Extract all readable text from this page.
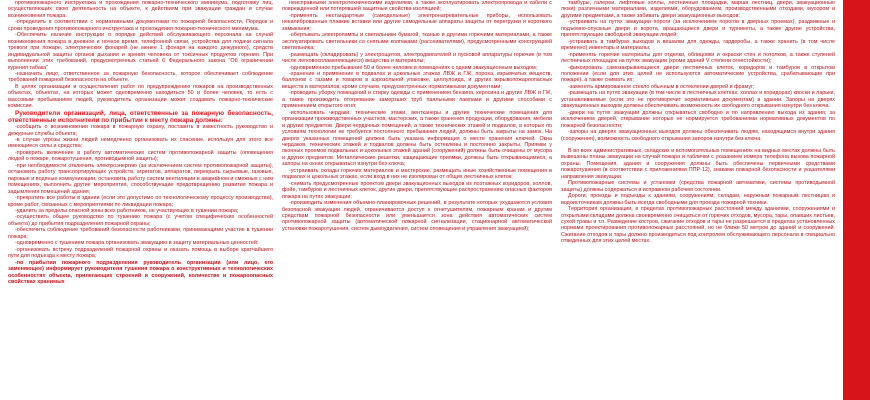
противопожарного инструктажа и прохождения пожарно-технического минимума, подготовку лиц, осуществляющих свою деятельность на объекте, к действиям при эвакуации граждан в случае возникновения пожара.

-определить в соответствии с нормативными документами по пожарной безопасности, Порядок и сроки проведения противопожарного инструктажа и прохождения пожарно-технического минимума.

-Обеспечить наличие инструкции о порядке действий обслуживающего персонала на случай возникновения пожара в дневное и ночное время, телефонной связи, устройства для подачи сигнала тревоги при пожаре, электрических фонарей (не менее 1 фонаря на каждого дежурного), средств индивидуальной защиты органов дыхания и зрения человека от токсичных продуктов горения. При выполнении этих требований, предусмотренных статьей 6 Федерального закона "Об ограничении курения табака"

-назначить лицо, ответственное за пожарную безопасность, которое обеспечивает соблюдение требований пожарной безопасности на объекте.

В целях организации и осуществления работ по предупреждению пожаров на производственных объектах, объектах, на которых может одновременно находиться 50 и более человек, то есть с массовым пребыванием людей, руководитель организации может создавать пожарно-технические комиссии.

Руководители организаций, лица, ответственные за пожарную безопасность, ответственные исполнители по прибытии к месту пожара должны:

-сообщить о возникновении пожара в пожарную охрану, поставить в известность руководство и дежурные службы объекта;

-в случае угрозы жизни людей немедленно организовать их спасение, используя для этого все имеющиеся силы и средства;

-проверить включение в работу автоматических систем противопожарной защиты (оповещения людей о пожаре, пожаротушения, противодымной защиты);

-при необходимости отключить электроэнергию (за исключением систем противопожарной защиты), остановить работу транспортирующих устройств, агрегатов, аппаратов, перекрыть сырьевые, газовые, паровые и водяные коммуникации, остановить работу систем вентиляции в аварийном и смежных с ним помещениях, выполнить другие мероприятия, способствующие предотвращению развития пожара и задымления помещений здания;

-прекратить все работы в здании (если это допустимо по технологическому процессу производства), кроме работ, связанных с мероприятиями по ликвидации пожара;

-удалить за пределы опасной зоны всех работников, не участвующих в тушении пожара;

-осуществить общее руководство по тушению пожара (с учетом специфических особенностей объекта) до прибытия подразделения пожарной охраны;

-обеспечить соблюдение требований безопасности работниками, принимающими участие в тушении пожара;

-одновременно с тушением пожара организовать эвакуацию и защиту материальных ценностей;

-организовать встречу подразделений пожарной охраны и оказать помощь в выборе кратчайшего пути для подъезда к месту пожара;

-по прибытии пожарного подразделения руководитель организации (или лицо, его заменяющее) информирует руководителя тушения пожара о конструктивных и технологических особенностях объекта, прилегающих строений и сооружений, количестве и пожароопасных свойствах хранимых

неисправными электротехническими изделиями, а также эксплуатировать электропровода и кабели с поврежденной или потерявшей защитные свойства изоляцией;

-применять нестандартные (самодельные) электронагревательные приборы, использовать некалиброванные плавкие вставки или другие самодельные аппараты защиты от перегрузки и короткого замыкания;

-обертывать электролампы и светильники бумагой, тканью и другими горючими материалами, а также эксплуатировать светильники со снятыми колпаками (рассеивателями), предусмотренными конструкцией светильника;

-размещать (складировать) у электрощитов, электродвигателей и пусковой аппаратуры горючие (в том числе легковоспламеняющиеся) вещества и материалы;

-одновременное пребывание 50 и более человек в помещениях с одним эвакуационным выходом;

-хранение и применение в подвалах и цокольных этажах ЛВЖ и ГЖ, пороха, взрывчатых веществ, баллонов с газами и товаров в аэрозольной упаковке, целлулоида, и других взрывопожароопасных веществ и материалов, кроме случаев, предусмотренных нормативными документами;

-проводить уборку помещений и стирку одежды с применением бензина, керосина и других ЛВЖ и ГЖ, а также производить отогревание замерзших труб паяльными лампами и другими способами с применением открытого огня;

-использовать чердаки, технические этажи, вентканеры и другие технические помещения для организации производственных участков, мастерских, а также хранения продукции, оборудования, мебели и других предметов. Двери чердачных помещений, а также технических этажей и подвалов, в которых по условиям технологии не требуется постоянного пребывания людей, должны быть закрыты на замок. На дверях указанных помещений должна быть указана информация о месте хранения ключей. Окна чердаков, технических этажей и подвалов должны быть остеклены и постоянно закрыты. Приямки у оконных проемов подвальных и цокольных этажей зданий (сооружений) должны быть очищены от мусора и других предметов. Металлические решетки, защищающие приямки, должны быть открывающимися, а запоры на окнах открываться изнутри без ключа;

-устраивать склады горючих материалов и мастерские, размещать иные хозяйственные помещения в подвалах и цокольных этажах, если вход в них не изолирован от общих лестничных клеток;

-снимать предусмотренные проектом двери эвакуационных выходов из поэтажных коридоров, холлов, фойе, тамбуров и лестничных клеток, другие двери, препятствующие распространению опасных факторов пожара на путях эвакуации;

-производить изменения объемно-планировочных решений, в результате которых ухудшаются условия безопасной эвакуации людей, ограничивается доступ к огнетушителям, пожарным кранам и другим средствам пожарной безопасности или уменьшается зона действия автоматических систем противопожарной защиты (автоматической пожарной сигнализации, стационарной автоматической установки пожаротушения, систем дымоудаления, систем оповещения и управления эвакуацией);

тамбуры, галереи, лифтовые холлы, лестничные площадки, марши лестниц, двери, эвакуационные люки) различными материалами, изделиями, оборудованием, производственными отходами, мусором и другими предметами, а также забивать двери эвакуационных выходов;

-устраивать на путях эвакуации пороги (за исключением порогов в дверных проемах), раздвижные и подъемно-опускные двери и ворота, вращающиеся двери и турникеты, а также другие устройства, препятствующие свободной эвакуации людей;

-устраивать в тамбурах выходов и вешалки для одежды, гардеробы, а также хранить (в том числе временно) инвентарь и материалы;

-применять горючие материалы для отделки, облицовки и окраски стен и потолков, а также ступеней лестничных площадок на путях эвакуации (кроме зданий V степени огнестойкости);

-фиксировать самозакрывающиеся двери лестничных клеток, коридоров и тамбуров в открытом положении (если для этих целей не используются автоматические устройства, срабатывающие при пожаре), а также снимать их;

-заменять армированное стекло обычным в остеклении дверей и фрамуг;

-размещать на путях эвакуации (в том числе в лестничных клетках, холлах и коридорах) киоски и ларьки, устанавливаемые (если это не противоречит нормативным документам) в здании. Запоры на дверях эвакуационных выходов должны обеспечивать возможность их свободного открывания изнутри без ключа.

-двери на путях эвакуации должны открываться свободно и по направлению выхода из здания, за исключением дверей, открывание которых не нормируется требованиями нормативных документов по пожарной безопасности;

-запоры на дверях эвакуационных выходов должны обеспечивать людям, находящимся внутри здания (сооружения), возможность свободного открывания запоров изнутри без ключа.

В во всех административных, складских и вспомогательных помещениях на видных местах должны быть вывешены планы эвакуации на случай пожара и таблички с указанием номера телефона вызова пожарной охраны. Помещения, здания и сооружения должны быть обеспечены первичными средствами пожаротушения (в соответствии с приложениями ППР-12), знаками пожарной безопасности и указателями направления эвакуации.

Противопожарные системы и установки (средства пожарной автоматики, системы противодымной защиты) должны содержаться в исправном рабочем состоянии.

Дороги, проезды и подъезды к зданиям, сооружениям, складам, наружным пожарным лестницам и водоисточникам должны быть всегда свободными для проезда пожарной техники.

Территория организации, в пределах противопожарных расстояний между зданиями, сооружениями и открытыми складами должна своевременно очищаться от горючих отходов, мусора, тары, опавших листьев, сухой травы и т.п. Разведение костров, сжигание отходов и тары не разрешается в пределах установленных нормами проектирования противопожарных расстояний, но не ближе 50 метров до зданий и сооружений. Сжигание отходов и тары должно производиться под контролем обслуживающего персонала в специально отведенных для этих целей местах.
